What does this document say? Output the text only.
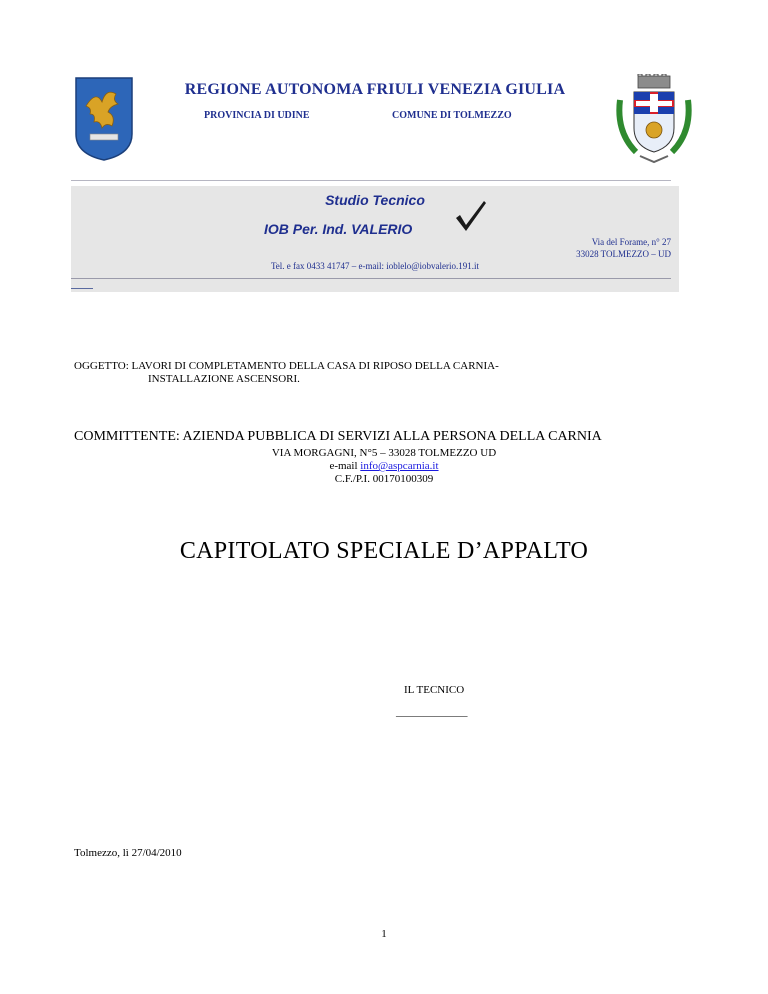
REGIONE AUTONOMA FRIULI VENEZIA GIULIA
PROVINCIA DI UDINE	COMUNE DI TOLMEZZO
Studio Tecnico
IOB Per. Ind. VALERIO
Via del Forame, n° 27
33028 TOLMEZZO – UD
Tel. e fax 0433 41747 – e-mail: ioblelo@iobvalerio.191.it
OGGETTO: LAVORI DI COMPLETAMENTO DELLA CASA DI RIPOSO DELLA CARNIA-
INSTALLAZIONE ASCENSORI.
COMMITTENTE: AZIENDA PUBBLICA DI SERVIZI ALLA PERSONA DELLA CARNIA
VIA MORGAGNI, N°5 – 33028 TOLMEZZO UD
e-mail info@aspcarnia.it
C.F./P.I. 00170100309
CAPITOLATO SPECIALE D’APPALTO
IL TECNICO
_____________
Tolmezzo, lì 27/04/2010
1
